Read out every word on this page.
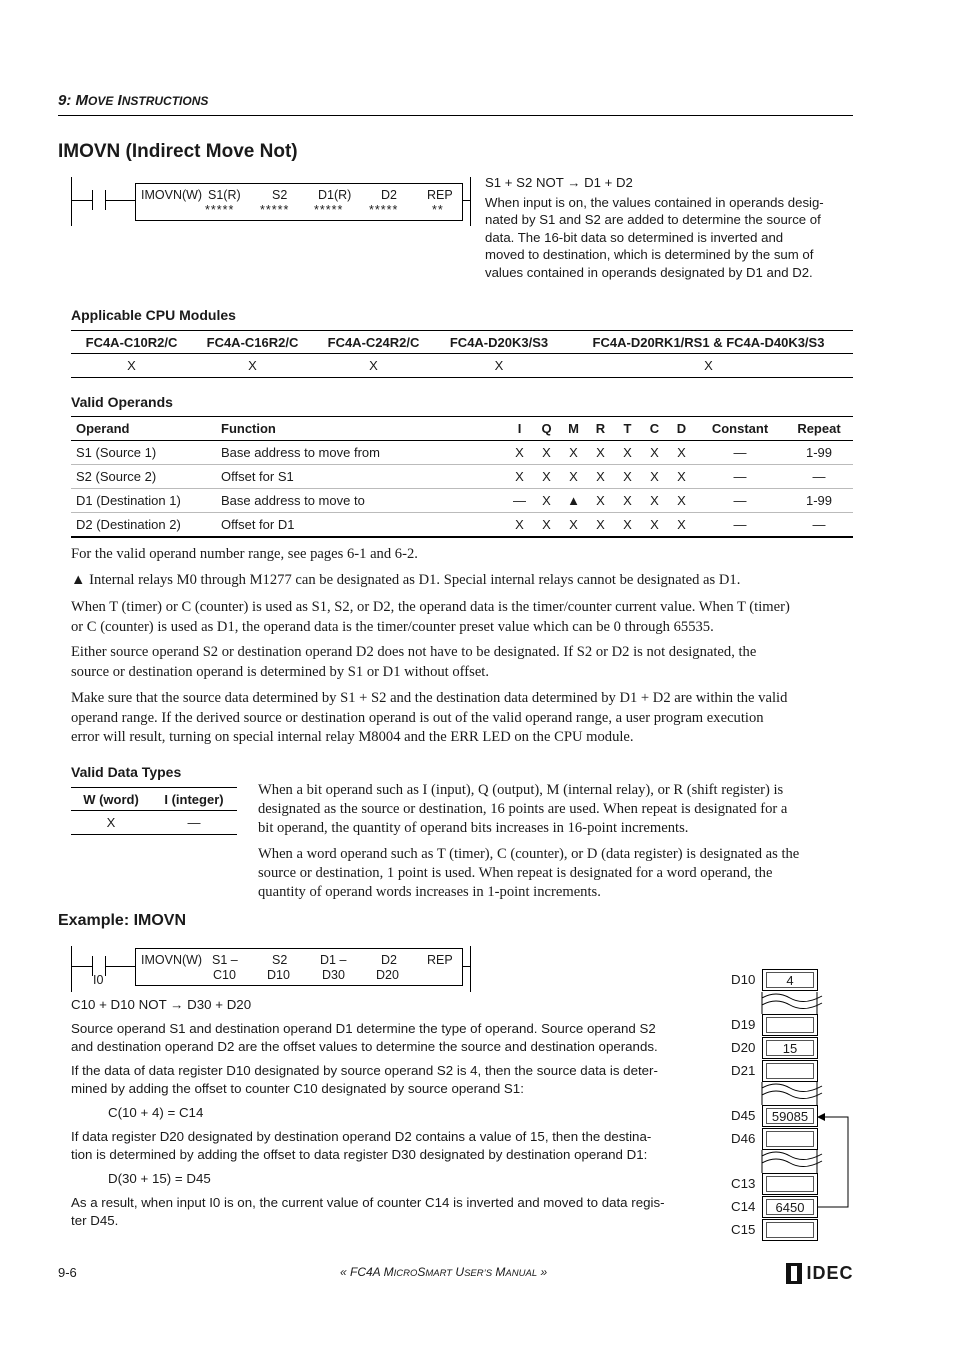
9: MOVE INSTRUCTIONS
IMOVN (Indirect Move Not)
IMOVN(W) S1(R)
*****
S2
*****
D1(R)
*****
D2
*****
REP
**
S1 + S2 NOT → D1 + D2
When input is on, the values contained in operands desig-
nated by S1 and S2 are added to determine the source of
data. The 16-bit data so determined is inverted and
moved to destination, which is determined by the sum of
values contained in operands designated by D1 and D2.
Applicable CPU Modules
FC4A-C10R2/C	FC4A-C16R2/C	FC4A-C24R2/C	FC4A-D20K3/S3	FC4A-D20RK1/RS1 & FC4A-D40K3/S3
X	X	X	X	X
Valid Operands
Operand	Function	I	Q	M	R	T	C	D	Constant	Repeat
S1 (Source 1)	Base address to move from	X	X	X	X	X	X	X	—	1-99
S2 (Source 2)	Offset for S1	X	X	X	X	X	X	X	—	—
D1 (Destination 1)	Base address to move to	—	X	▲	X	X	X	X	—	1-99
D2 (Destination 2)	Offset for D1	X	X	X	X	X	X	X	—	—
For the valid operand number range, see pages 6-1 and 6-2.
▲ Internal relays M0 through M1277 can be designated as D1. Special internal relays cannot be designated as D1.
When T (timer) or C (counter) is used as S1, S2, or D2, the operand data is the timer/counter current value. When T (timer)
or C (counter) is used as D1, the operand data is the timer/counter preset value which can be 0 through 65535.
Either source operand S2 or destination operand D2 does not have to be designated. If S2 or D2 is not designated, the
source or destination operand is determined by S1 or D1 without offset.
Make sure that the source data determined by S1 + S2 and the destination data determined by D1 + D2 are within the valid
operand range. If the derived source or destination operand is out of the valid operand range, a user program execution
error will result, turning on special internal relay M8004 and the ERR LED on the CPU module.
Valid Data Types
W (word)	I (integer)
X	—
When a bit operand such as I (input), Q (output), M (internal relay), or R (shift register) is
designated as the source or destination, 16 points are used. When repeat is designated for a
bit operand, the quantity of operand bits increases in 16-point increments.
When a word operand such as T (timer), C (counter), or D (data register) is designated as the
source or destination, 1 point is used. When repeat is designated for a word operand, the
quantity of operand words increases in 1-point increments.
Example: IMOVN
I0
IMOVN(W) S1 –
C10
S2
D10
D1 –
D30
D2
D20
REP
C10 + D10 NOT → D30 + D20
Source operand S1 and destination operand D1 determine the type of operand. Source operand S2
and destination operand D2 are the offset values to determine the source and destination operands.
If the data of data register D10 designated by source operand S2 is 4, then the source data is deter-
mined by adding the offset to counter C10 designated by source operand S1:
C(10 + 4) = C14
If data register D20 designated by destination operand D2 contains a value of 15, then the destina-
tion is determined by adding the offset to data register D30 designated by destination operand D1:
D(30 + 15) = D45
As a result, when input I0 is on, the current value of counter C14 is inverted and moved to data regis-
ter D45.
D10	4
D19
D20	15
D21
D45	59085
D46
C13
C14	6450
C15
9-6	« FC4A MICROSMART USER’S MANUAL »	IDEC
